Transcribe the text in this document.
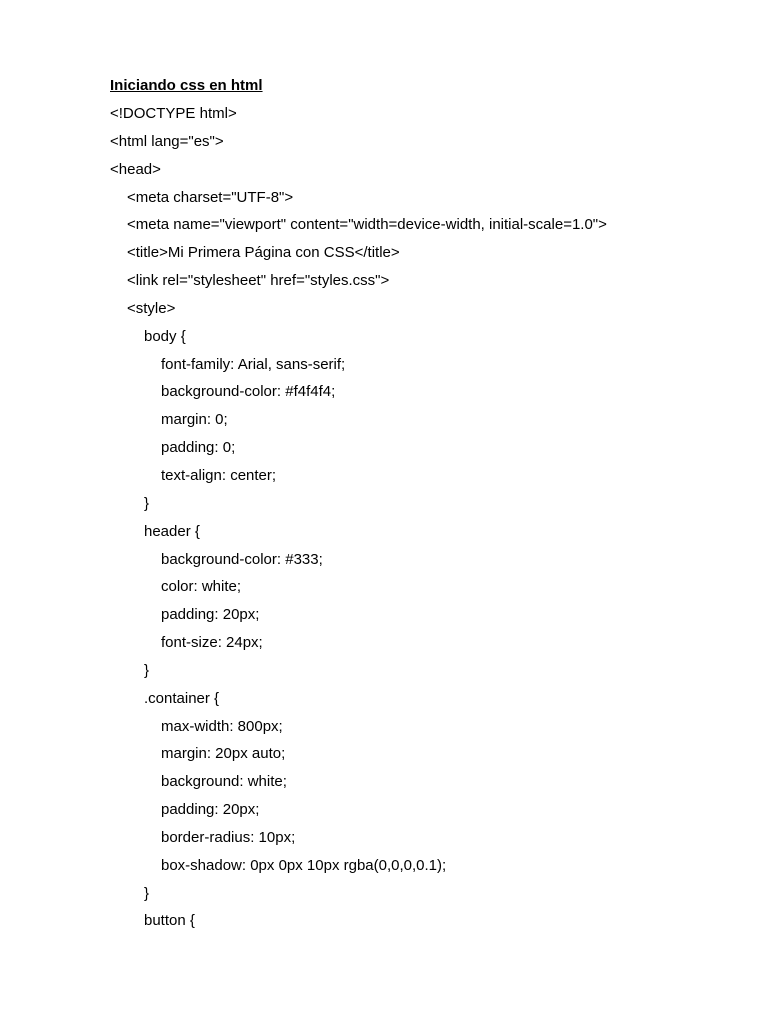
Iniciando css en html
<!DOCTYPE html>
<html lang="es">
<head>
<meta charset="UTF-8">
<meta name="viewport" content="width=device-width, initial-scale=1.0">
<title>Mi Primera Página con CSS</title>
<link rel="stylesheet" href="styles.css">
<style>
body {
font-family: Arial, sans-serif;
background-color: #f4f4f4;
margin: 0;
padding: 0;
text-align: center;
}
header {
background-color: #333;
color: white;
padding: 20px;
font-size: 24px;
}
.container {
max-width: 800px;
margin: 20px auto;
background: white;
padding: 20px;
border-radius: 10px;
box-shadow: 0px 0px 10px rgba(0,0,0,0.1);
}
button {
